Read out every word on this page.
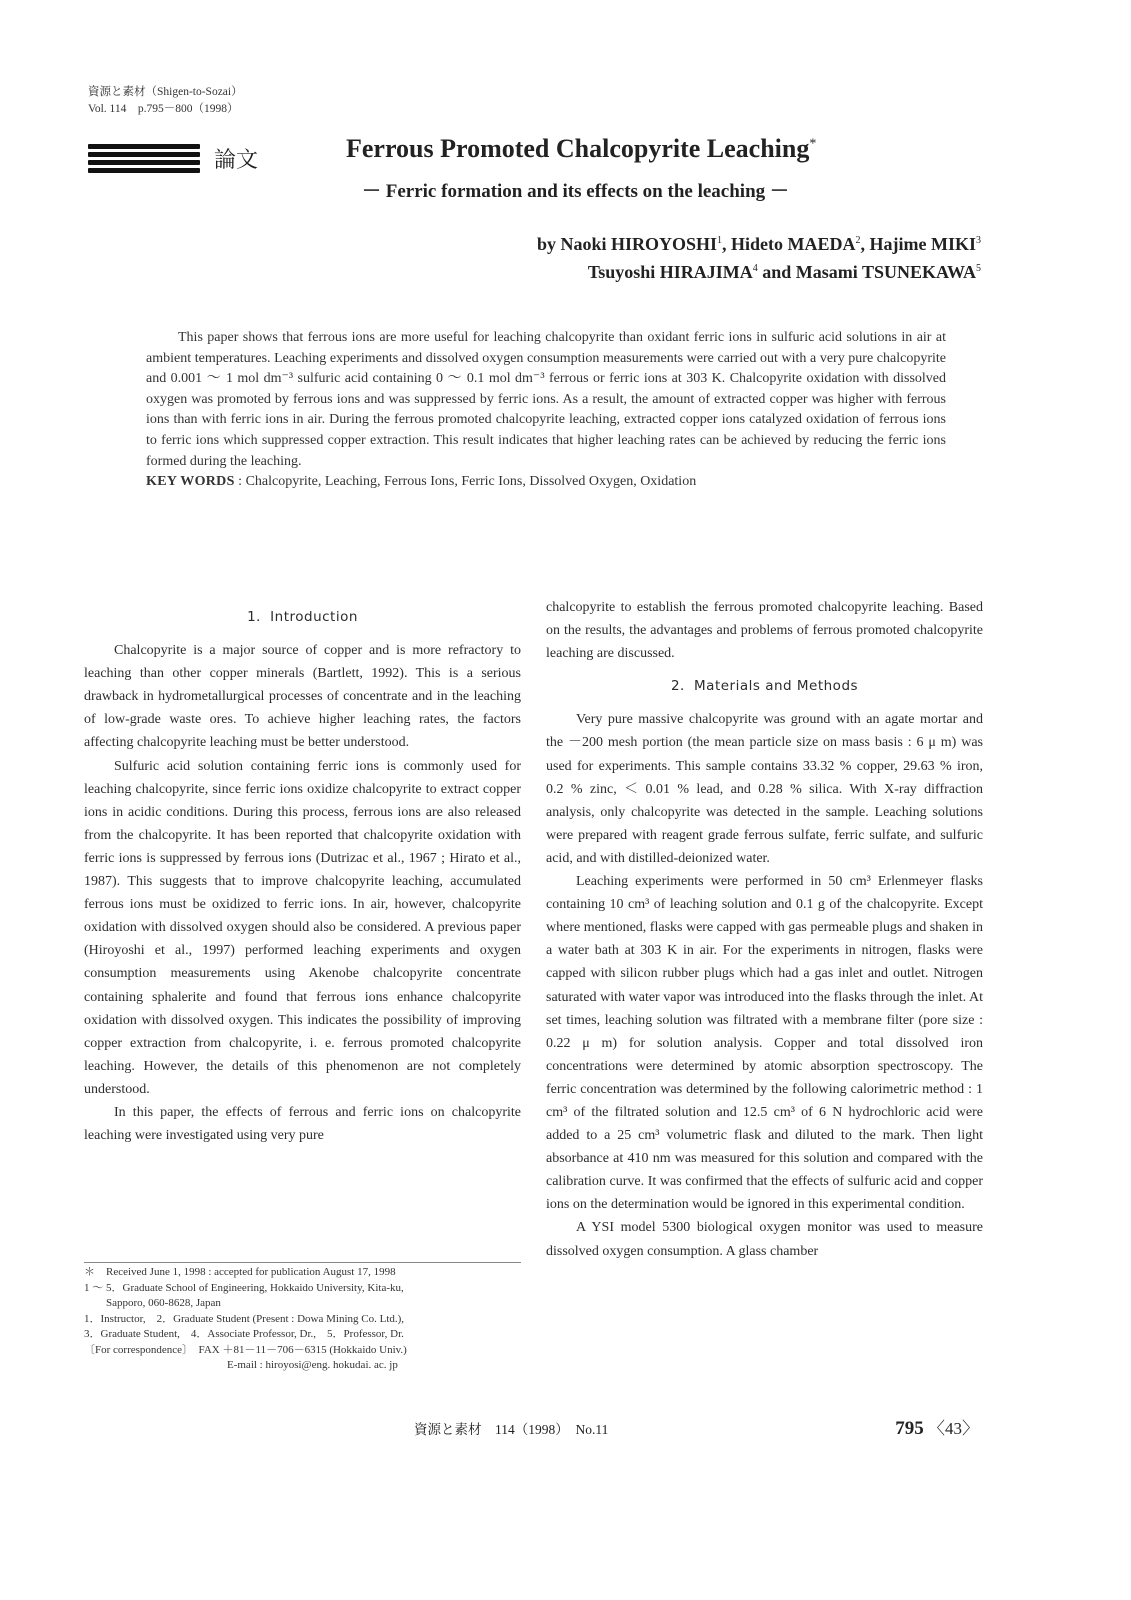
資源と素材（Shigen-to-Sozai）
Vol. 114　p.795－800（1998）
論文	Ferrous Promoted Chalcopyrite Leaching*
－ Ferric formation and its effects on the leaching －
by Naoki HIROYOSHI$^1$, Hideto MAEDA$^2$, Hajime MIKI$^3$
Tsuyoshi HIRAJIMA$^4$ and Masami TSUNEKAWA$^5$

This paper shows that ferrous ions are more useful for leaching chalcopyrite than oxidant ferric ions in sulfuric acid solutions in air at ambient temperatures. Leaching experiments and dissolved oxygen consumption measurements were carried out with a very pure chalcopyrite and 0.001 ～ 1 mol dm⁻³ sulfuric acid containing 0 ～ 0.1 mol dm⁻³ ferrous or ferric ions at 303 K. Chalcopyrite oxidation with dissolved oxygen was promoted by ferrous ions and was suppressed by ferric ions. As a result, the amount of extracted copper was higher with ferrous ions than with ferric ions in air. During the ferrous promoted chalcopyrite leaching, extracted copper ions catalyzed oxidation of ferrous ions to ferric ions which suppressed copper extraction. This result indicates that higher leaching rates can be achieved by reducing the ferric ions formed during the leaching.

KEY WORDS : Chalcopyrite, Leaching, Ferrous Ions, Ferric Ions, Dissolved Oxygen, Oxidation
1．Introduction

Chalcopyrite is a major source of copper and is more refractory to leaching than other copper minerals (Bartlett, 1992). This is a serious drawback in hydrometallurgical processes of concentrate and in the leaching of low-grade waste ores. To achieve higher leaching rates, the factors affecting chalcopyrite leaching must be better understood.

Sulfuric acid solution containing ferric ions is commonly used for leaching chalcopyrite, since ferric ions oxidize chalcopyrite to extract copper ions in acidic conditions. During this process, ferrous ions are also released from the chalcopyrite. It has been reported that chalcopyrite oxidation with ferric ions is suppressed by ferrous ions (Dutrizac et al., 1967 ; Hirato et al., 1987). This suggests that to improve chalcopyrite leaching, accumulated ferrous ions must be oxidized to ferric ions. In air, however, chalcopyrite oxidation with dissolved oxygen should also be considered. A previous paper (Hiroyoshi et al., 1997) performed leaching experiments and oxygen consumption measurements using Akenobe chalcopyrite concentrate containing sphalerite and found that ferrous ions enhance chalcopyrite oxidation with dissolved oxygen. This indicates the possibility of improving copper extraction from chalcopyrite, i. e. ferrous promoted chalcopyrite leaching. However, the details of this phenomenon are not completely understood.

In this paper, the effects of ferrous and ferric ions on chalcopyrite leaching were investigated using very pure

＊　Received June 1, 1998 : accepted for publication August 17, 1998
1 ～ 5．Graduate School of Engineering, Hokkaido University, Kita-ku,
　　Sapporo, 060-8628, Japan
1．Instructor,　2．Graduate Student (Present : Dowa Mining Co. Ltd.),
3．Graduate Student,　4．Associate Professor, Dr.,　5．Professor, Dr.
〔For correspondence〕　FAX ＋81－11－706－6315 (Hokkaido Univ.)
　　　　　　　　　　　　　E-mail : hiroyosi@eng. hokudai. ac. jp

chalcopyrite to establish the ferrous promoted chalcopyrite leaching. Based on the results, the advantages and problems of ferrous promoted chalcopyrite leaching are discussed.

2．Materials and Methods

Very pure massive chalcopyrite was ground with an agate mortar and the －200 mesh portion (the mean particle size on mass basis : 6 μ m) was used for experiments. This sample contains 33.32 % copper, 29.63 % iron, 0.2 % zinc, ＜ 0.01 % lead, and 0.28 % silica. With X-ray diffraction analysis, only chalcopyrite was detected in the sample. Leaching solutions were prepared with reagent grade ferrous sulfate, ferric sulfate, and sulfuric acid, and with distilled-deionized water.

Leaching experiments were performed in 50 cm³ Erlenmeyer flasks containing 10 cm³ of leaching solution and 0.1 g of the chalcopyrite. Except where mentioned, flasks were capped with gas permeable plugs and shaken in a water bath at 303 K in air. For the experiments in nitrogen, flasks were capped with silicon rubber plugs which had a gas inlet and outlet. Nitrogen saturated with water vapor was introduced into the flasks through the inlet. At set times, leaching solution was filtrated with a membrane filter (pore size : 0.22 μ m) for solution analysis. Copper and total dissolved iron concentrations were determined by atomic absorption spectroscopy. The ferric concentration was determined by the following calorimetric method : 1 cm³ of the filtrated solution and 12.5 cm³ of 6 N hydrochloric acid were added to a 25 cm³ volumetric flask and diluted to the mark. Then light absorbance at 410 nm was measured for this solution and compared with the calibration curve. It was confirmed that the effects of sulfuric acid and copper ions on the determination would be ignored in this experimental condition.

A YSI model 5300 biological oxygen monitor was used to measure dissolved oxygen consumption. A glass chamber

資源と素材　114（1998）　No.11	795 〈43〉
